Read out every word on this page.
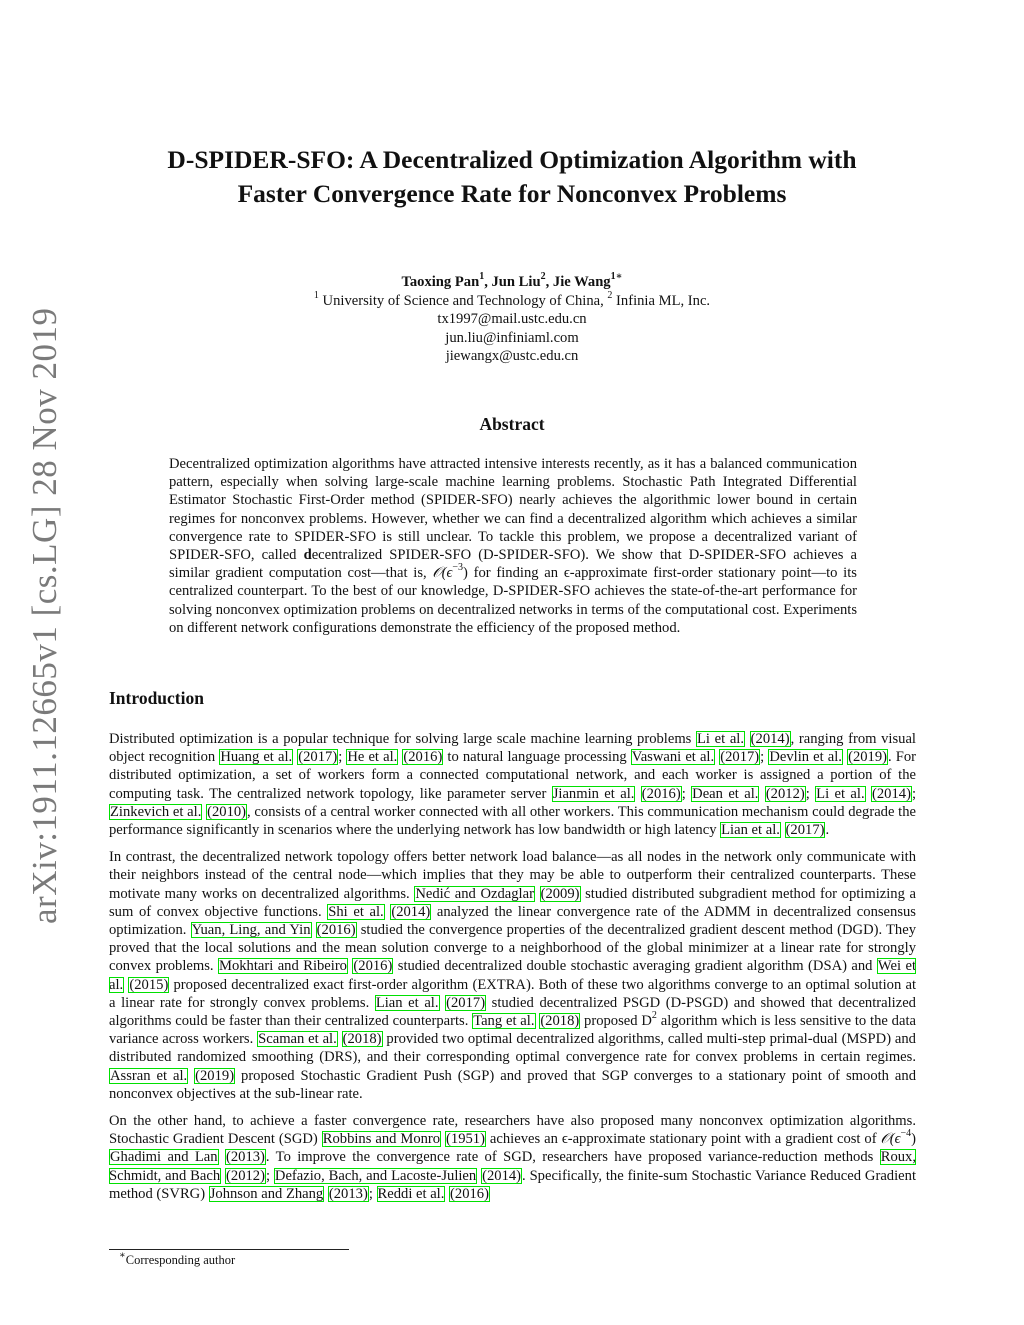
arXiv:1911.12665v1 [cs.LG] 28 Nov 2019
D-SPIDER-SFO: A Decentralized Optimization Algorithm with
Faster Convergence Rate for Nonconvex Problems
Taoxing Pan$^1$, Jun Liu$^2$, Jie Wang$^{1∗}$
$^1$ University of Science and Technology of China, $^2$ Infinia ML, Inc.
tx1997@mail.ustc.edu.cn
jun.liu@infiniaml.com
jiewangx@ustc.edu.cn
Abstract

Decentralized optimization algorithms have attracted intensive interests recently, as it has a balanced communication pattern, especially when solving large-scale machine learning problems. Stochastic Path Integrated Differential Estimator Stochastic First-Order method (SPIDER-SFO) nearly achieves the algorithmic lower bound in certain regimes for nonconvex problems. However, whether we can find a decentralized algorithm which achieves a similar convergence rate to SPIDER-SFO is still unclear. To tackle this problem, we propose a decentralized variant of SPIDER-SFO, called decentralized SPIDER-SFO (D-SPIDER-SFO). We show that D-SPIDER-SFO achieves a similar gradient computation cost—that is, $𝒪(\epsilon^{-3})$ for finding an ϵ-approximate first-order stationary point—to its centralized counterpart. To the best of our knowledge, D-SPIDER-SFO achieves the state-of-the-art performance for solving nonconvex optimization problems on decentralized networks in terms of the computational cost. Experiments on different network configurations demonstrate the efficiency of the proposed method.

Introduction

Distributed optimization is a popular technique for solving large scale machine learning problems Li et al. (2014), ranging from visual object recognition Huang et al. (2017); He et al. (2016) to natural language processing Vaswani et al. (2017); Devlin et al. (2019). For distributed optimization, a set of workers form a connected computational network, and each worker is assigned a portion of the computing task. The centralized network topology, like parameter server Jianmin et al. (2016); Dean et al. (2012); Li et al. (2014); Zinkevich et al. (2010), consists of a central worker connected with all other workers. This communication mechanism could degrade the performance significantly in scenarios where the underlying network has low bandwidth or high latency Lian et al. (2017).

In contrast, the decentralized network topology offers better network load balance—as all nodes in the network only communicate with their neighbors instead of the central node—which implies that they may be able to outperform their centralized counterparts. These motivate many works on decentralized algorithms. Nedić and Ozdaglar (2009) studied distributed subgradient method for optimizing a sum of convex objective functions. Shi et al. (2014) analyzed the linear convergence rate of the ADMM in decentralized consensus optimization. Yuan, Ling, and Yin (2016) studied the convergence properties of the decentralized gradient descent method (DGD). They proved that the local solutions and the mean solution converge to a neighborhood of the global minimizer at a linear rate for strongly convex problems. Mokhtari and Ribeiro (2016) studied decentralized double stochastic averaging gradient algorithm (DSA) and Wei et al. (2015) proposed decentralized exact first-order algorithm (EXTRA). Both of these two algorithms converge to an optimal solution at a linear rate for strongly convex problems. Lian et al. (2017) studied decentralized PSGD (D-PSGD) and showed that decentralized algorithms could be faster than their centralized counterparts. Tang et al. (2018) proposed $D^2$ algorithm which is less sensitive to the data variance across workers. Scaman et al. (2018) provided two optimal decentralized algorithms, called multi-step primal-dual (MSPD) and distributed randomized smoothing (DRS), and their corresponding optimal convergence rate for convex problems in certain regimes. Assran et al. (2019) proposed Stochastic Gradient Push (SGP) and proved that SGP converges to a stationary point of smooth and nonconvex objectives at the sub-linear rate.

On the other hand, to achieve a faster convergence rate, researchers have also proposed many nonconvex optimization algorithms. Stochastic Gradient Descent (SGD) Robbins and Monro (1951) achieves an ϵ-approximate stationary point with a gradient cost of $𝒪(\epsilon^{-4})$ Ghadimi and Lan (2013). To improve the convergence rate of SGD, researchers have proposed variance-reduction methods Roux, Schmidt, and Bach (2012); Defazio, Bach, and Lacoste-Julien (2014). Specifically, the finite-sum Stochastic Variance Reduced Gradient method (SVRG) Johnson and Zhang (2013); Reddi et al. (2016)

∗Corresponding author
